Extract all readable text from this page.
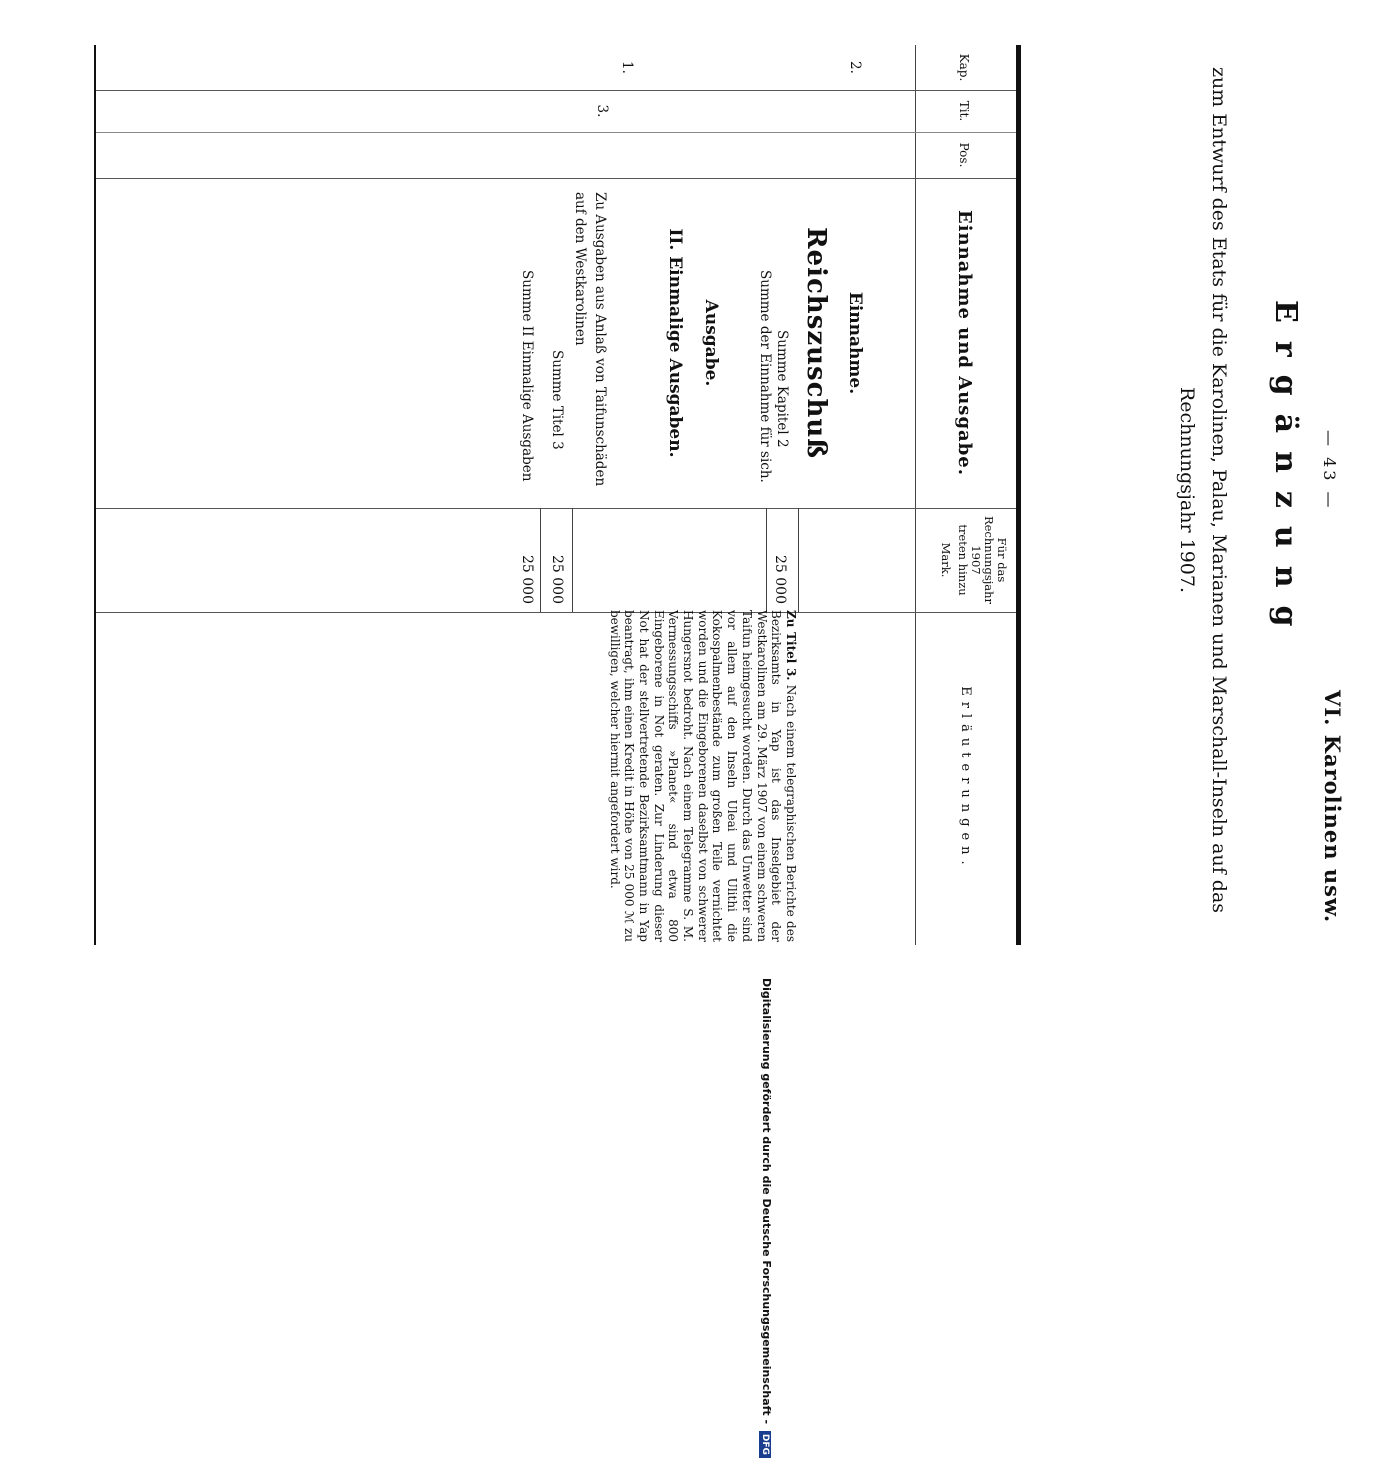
VI. Karolinen usw.
— 43 —
Ergänzung
zum Entwurf des Etats für die Karolinen, Palau, Marianen und Marschall-Inseln auf das Rechnungsjahr 1907.
Kap.
Tit.
Pos.
Einnahme und Ausgabe.
Für das
Rechnungsjahr
1907
treten hinzu
Mark.
Erläuterungen.
Einnahme.
2.
Reichszuschuß
Summe Kapitel 2
25 000
Summe der Einnahme für sich.
Ausgabe.
II. Einmalige Ausgaben.
1.
3.
Zu Ausgaben aus Anlaß von Taifunschäden
auf den Westkarolinen
Summe Titel 3
25 000
Summe II Einmalige Ausgaben
25 000
Zu Titel 3. Nach einem telegraphischen Berichte des Bezirksamts in Yap ist das Inselgebiet der Westkarolinen am 29. März 1907 von einem schweren Taifun heimgesucht worden. Durch das Unwetter sind vor allem auf den Inseln Uleai und Ulithi die Kokospalmenbestände zum großen Teile vernichtet worden und die Eingeborenen daselbst von schwerer Hungersnot bedroht. Nach einem Telegramme S. M. Vermessungsschiffs »Planet« sind etwa 800 Eingeborene in Not geraten. Zur Linderung dieser Not hat der stellvertretende Bezirksamtmann in Yap beantragt, ihm einen Kredit in Höhe von 25 000 ℳ zu bewilligen, welcher hiermit angefordert wird.
Digitalisierung gefördert durch die Deutsche Forschungsgemeinschaft - DFG
